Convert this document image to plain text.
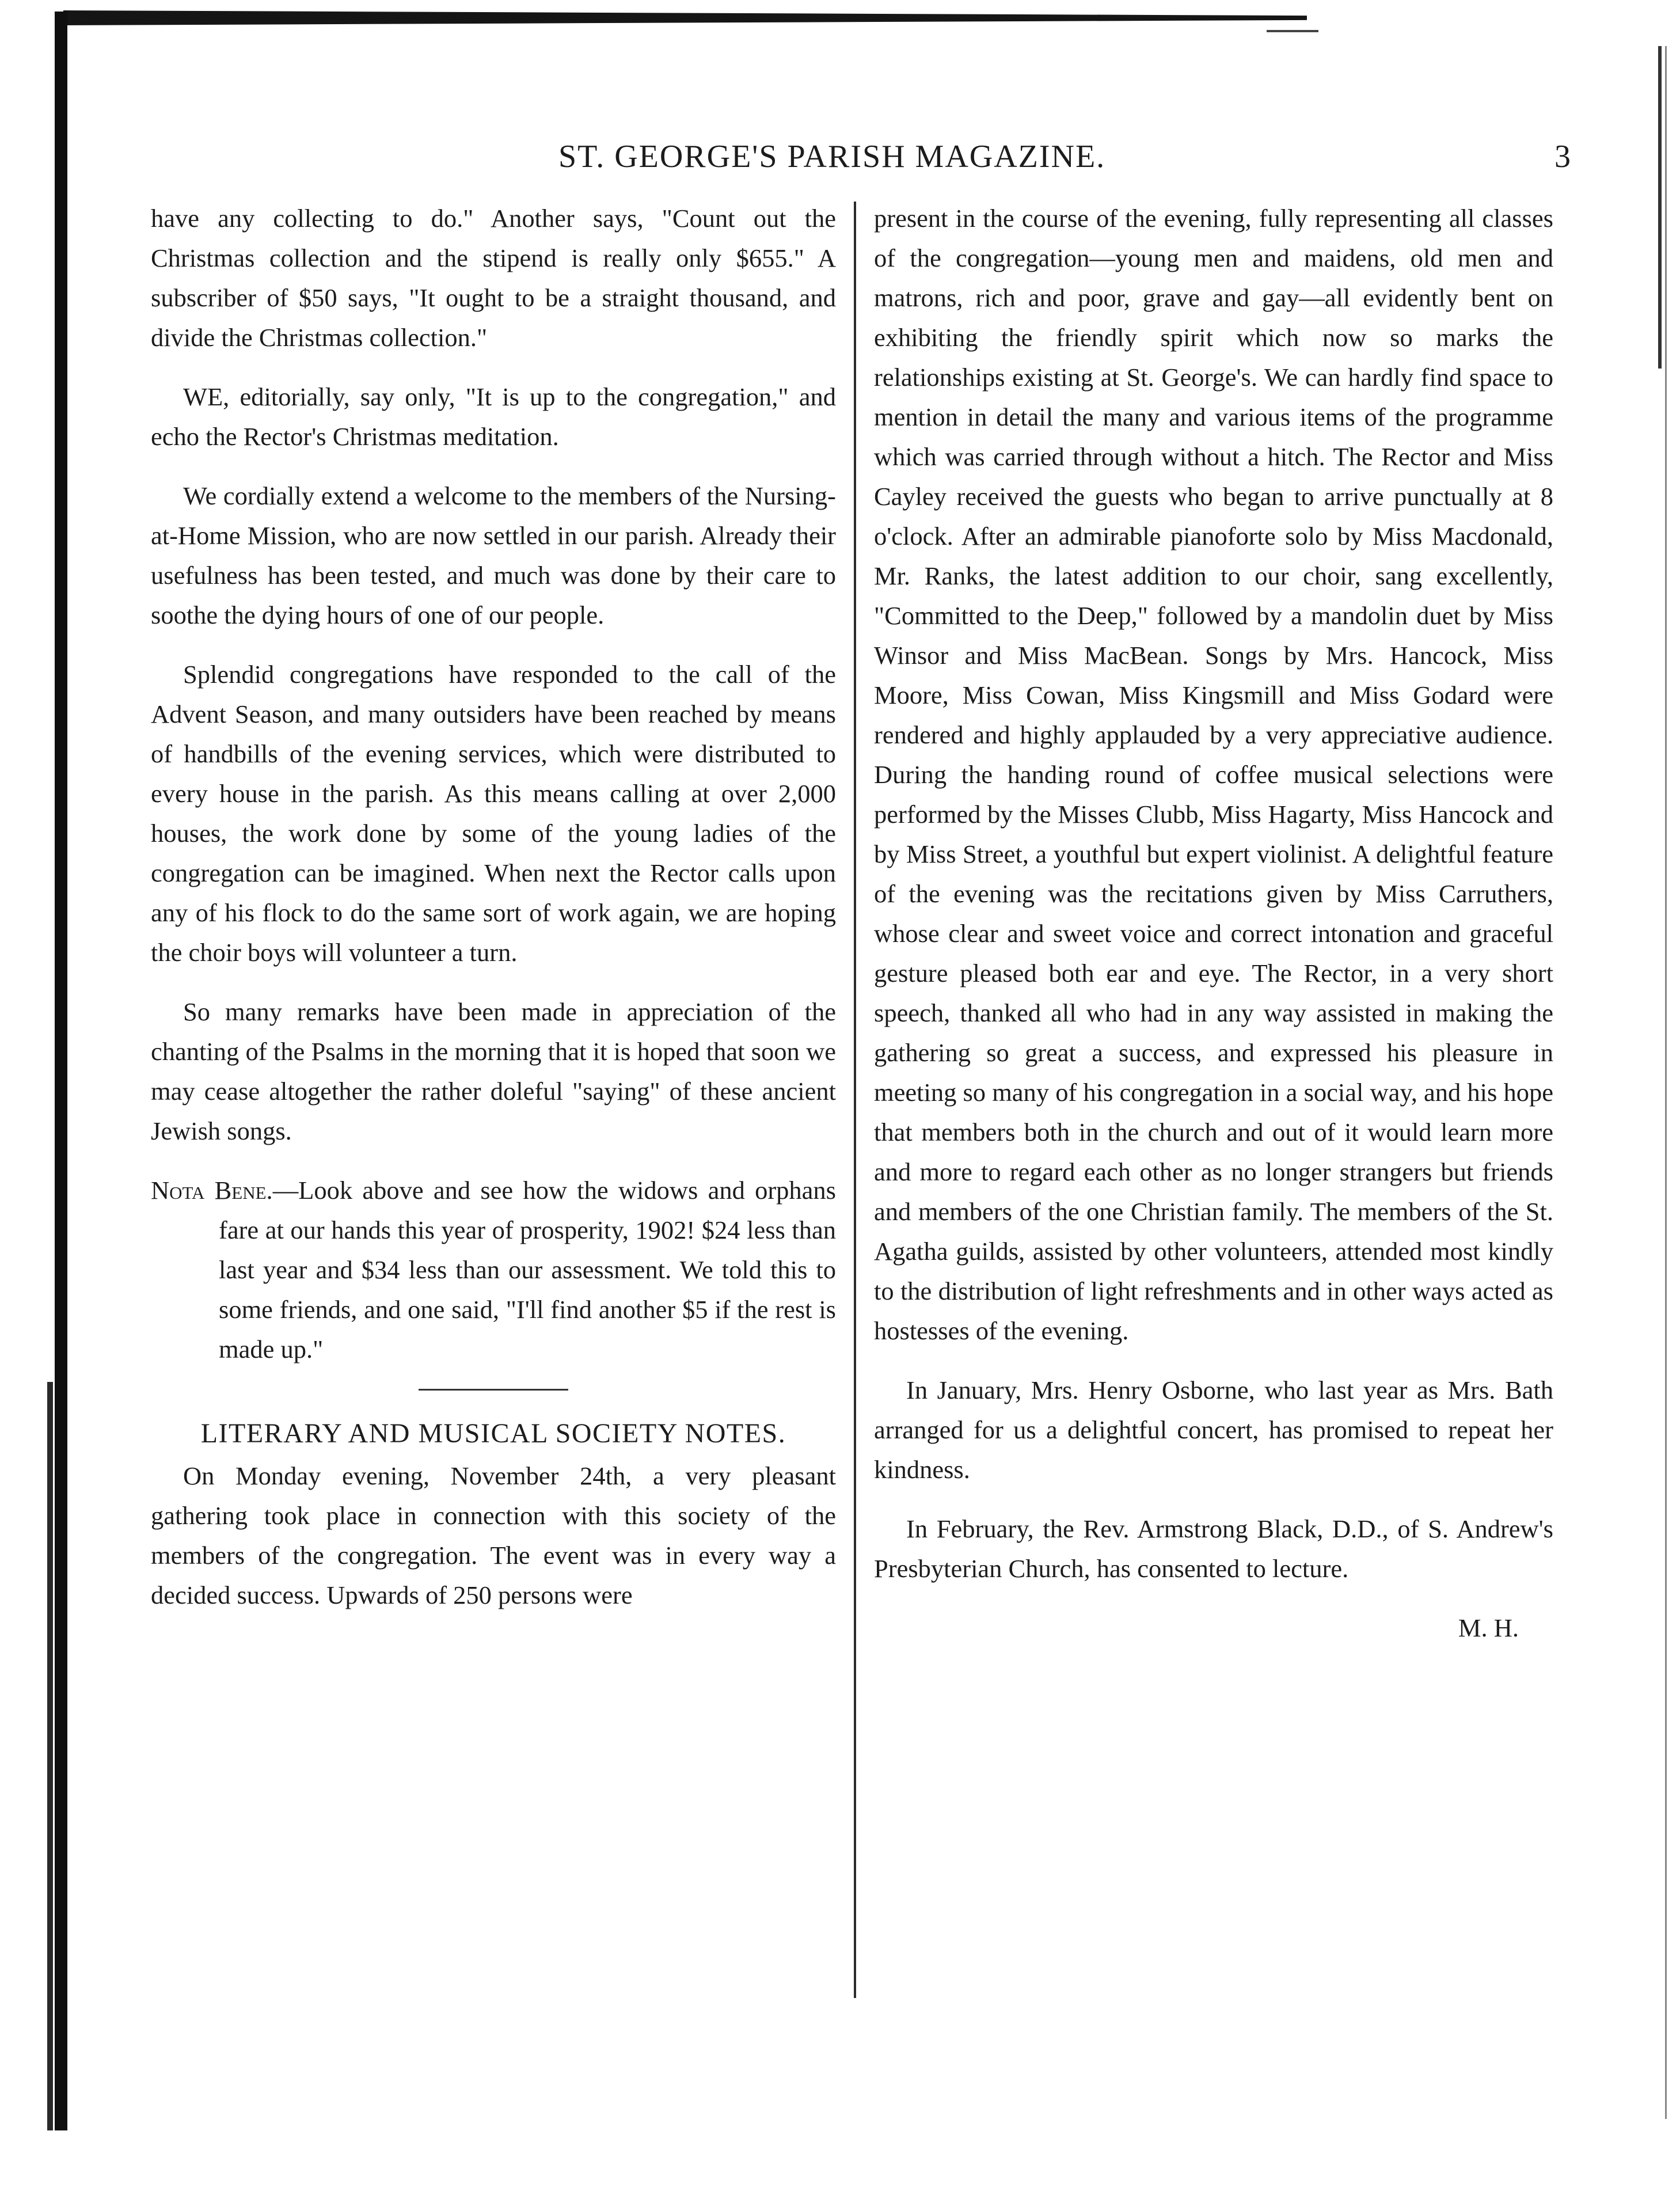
ST. GEORGE'S PARISH MAGAZINE.	3

have any collecting to do." Another says, "Count out the Christmas collection and the stipend is really only $655." A subscriber of $50 says, "It ought to be a straight thousand, and divide the Christmas collection."

WE, editorially, say only, "It is up to the congregation," and echo the Rector's Christmas meditation.

We cordially extend a welcome to the members of the Nursing-at-Home Mission, who are now settled in our parish. Already their usefulness has been tested, and much was done by their care to soothe the dying hours of one of our people.

Splendid congregations have responded to the call of the Advent Season, and many outsiders have been reached by means of handbills of the evening services, which were distributed to every house in the parish. As this means calling at over 2,000 houses, the work done by some of the young ladies of the congregation can be imagined. When next the Rector calls upon any of his flock to do the same sort of work again, we are hoping the choir boys will volunteer a turn.

So many remarks have been made in appreciation of the chanting of the Psalms in the morning that it is hoped that soon we may cease altogether the rather doleful "saying" of these ancient Jewish songs.

Nota Bene.—Look above and see how the widows and orphans fare at our hands this year of prosperity, 1902! $24 less than last year and $34 less than our assessment. We told this to some friends, and one said, "I'll find another $5 if the rest is made up."

LITERARY AND MUSICAL SOCIETY NOTES.

On Monday evening, November 24th, a very pleasant gathering took place in connection with this society of the members of the congregation. The event was in every way a decided success. Upwards of 250 persons were

present in the course of the evening, fully representing all classes of the congregation—young men and maidens, old men and matrons, rich and poor, grave and gay—all evidently bent on exhibiting the friendly spirit which now so marks the relationships existing at St. George's. We can hardly find space to mention in detail the many and various items of the programme which was carried through without a hitch. The Rector and Miss Cayley received the guests who began to arrive punctually at 8 o'clock. After an admirable pianoforte solo by Miss Macdonald, Mr. Ranks, the latest addition to our choir, sang excellently, "Committed to the Deep," followed by a mandolin duet by Miss Winsor and Miss MacBean. Songs by Mrs. Hancock, Miss Moore, Miss Cowan, Miss Kingsmill and Miss Godard were rendered and highly applauded by a very appreciative audience. During the handing round of coffee musical selections were performed by the Misses Clubb, Miss Hagarty, Miss Hancock and by Miss Street, a youthful but expert violinist. A delightful feature of the evening was the recitations given by Miss Carruthers, whose clear and sweet voice and correct intonation and graceful gesture pleased both ear and eye. The Rector, in a very short speech, thanked all who had in any way assisted in making the gathering so great a success, and expressed his pleasure in meeting so many of his congregation in a social way, and his hope that members both in the church and out of it would learn more and more to regard each other as no longer strangers but friends and members of the one Christian family. The members of the St. Agatha guilds, assisted by other volunteers, attended most kindly to the distribution of light refreshments and in other ways acted as hostesses of the evening.

In January, Mrs. Henry Osborne, who last year as Mrs. Bath arranged for us a delightful concert, has promised to repeat her kindness.

In February, the Rev. Armstrong Black, D.D., of S. Andrew's Presbyterian Church, has consented to lecture.

M. H.
